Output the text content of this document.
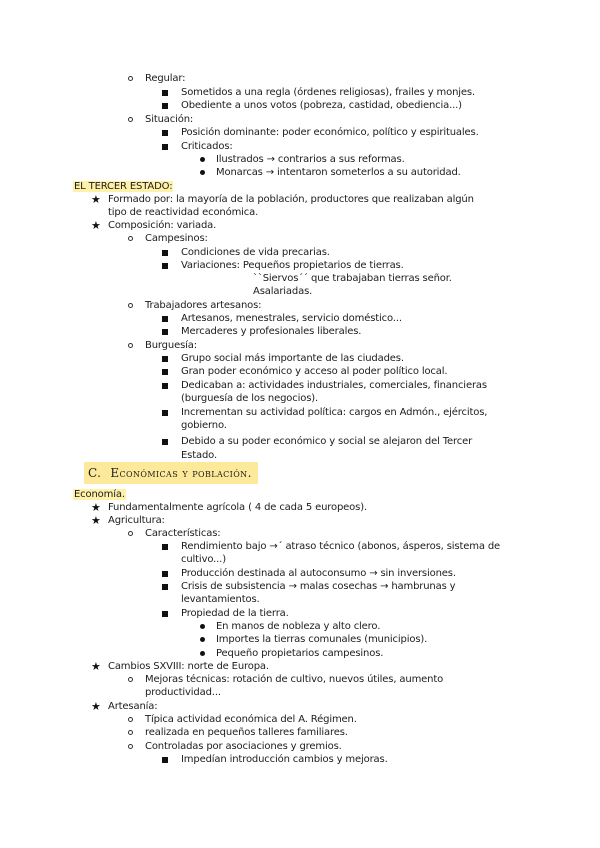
Regular:
Sometidos a una regla (órdenes religiosas), frailes y monjes.
Obediente a unos votos (pobreza, castidad, obediencia...)
Situación:
Posición dominante: poder económico, político y espirituales.
Criticados:
Ilustrados → contrarios a sus reformas.
Monarcas → intentaron someterlos a su autoridad.
EL TERCER ESTADO:
★ Formado por: la mayoría de la población, productores que realizaban algún
tipo de reactividad económica.
★ Composición: variada.
Campesinos:
Condiciones de vida precarias.
Variaciones: Pequeños propietarios de tierras.
``Siervos´´ que trabajaban tierras señor.
Asalariadas.
Trabajadores artesanos:
Artesanos, menestrales, servicio doméstico...
Mercaderes y profesionales liberales.
Burguesía:
Grupo social más importante de las ciudades.
Gran poder económico y acceso al poder político local.
Dedicaban a: actividades industriales, comerciales, financieras
(burguesía de los negocios).
Incrementan su actividad política: cargos en Admón., ejércitos,
gobierno.
Debido a su poder económico y social se alejaron del Tercer
Estado.
C. Económicas y población.
Economía.
★ Fundamentalmente agrícola ( 4 de cada 5 europeos).
★ Agricultura:
Características:
Rendimiento bajo →´ atraso técnico (abonos, ásperos, sistema de
cultivo...)
Producción destinada al autoconsumo → sin inversiones.
Crisis de subsistencia → malas cosechas → hambrunas y
levantamientos.
Propiedad de la tierra.
En manos de nobleza y alto clero.
Importes la tierras comunales (municipios).
Pequeño propietarios campesinos.
★ Cambios SXVIII: norte de Europa.
Mejoras técnicas: rotación de cultivo, nuevos útiles, aumento
productividad...
★ Artesanía:
Típica actividad económica del A. Régimen.
realizada en pequeños talleres familiares.
Controladas por asociaciones y gremios.
Impedían introducción cambios y mejoras.
